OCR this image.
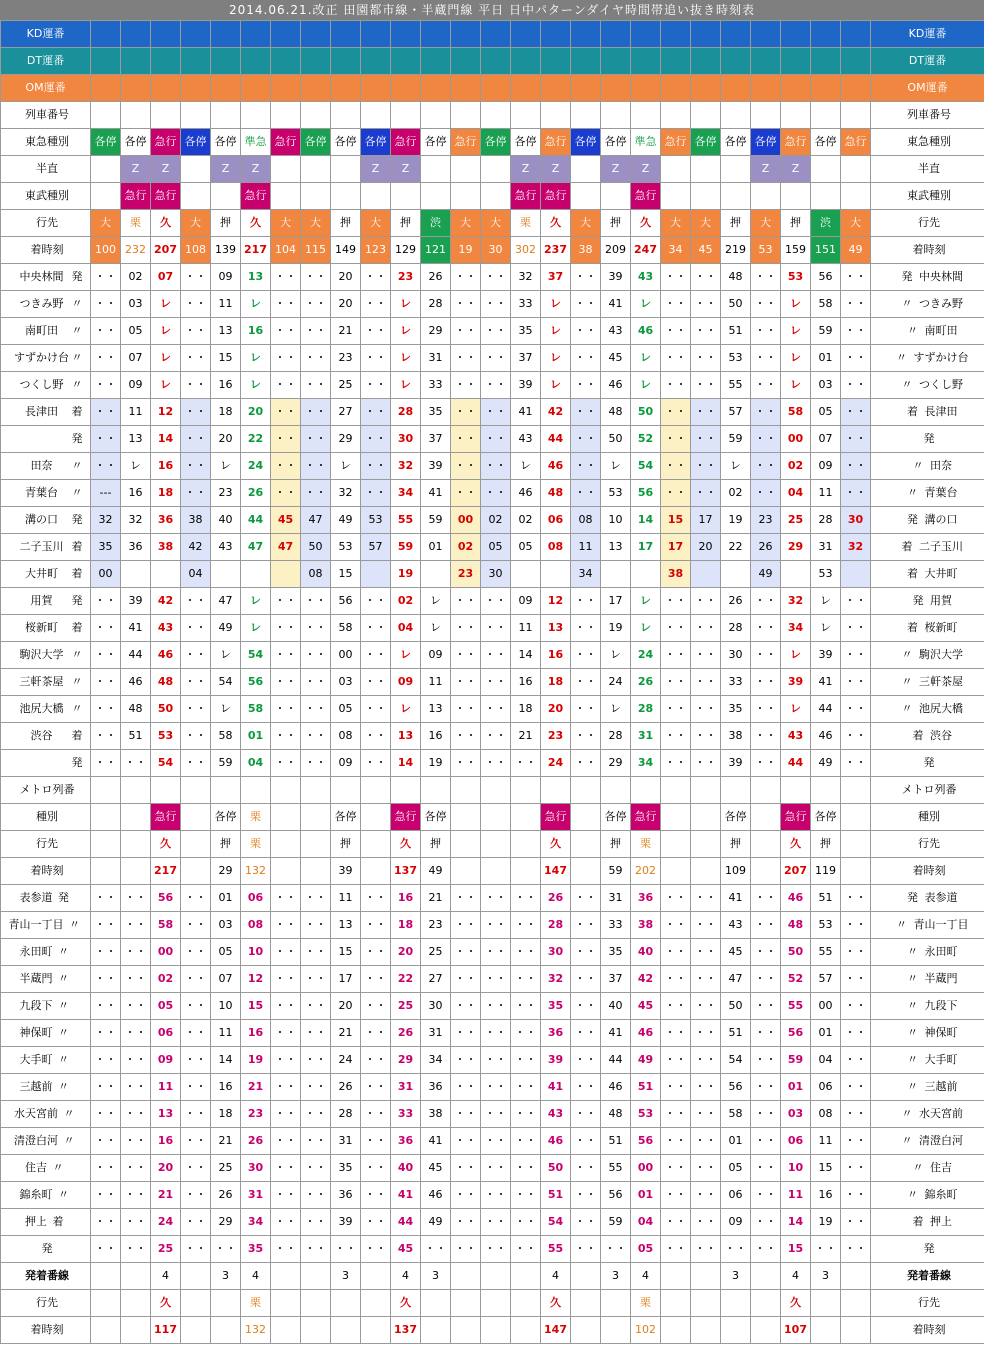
2014.06.21.改正 田園都市線・半蔵門線 平日 日中パターンダイヤ時間帯追い抜き時刻表
KD運番																											KD運番
DT運番																											DT運番
OM運番																											OM運番
列車番号																											列車番号
東急種別	各停	各停	急行	各停	各停	準急	急行	各停	各停	各停	急行	各停	急行	各停	各停	急行	各停	各停	準急	急行	各停	各停	各停	急行	各停	急行	東急種別
半直		Z	Z		Z	Z				Z	Z				Z	Z		Z	Z				Z	Z			半直
東武種別		急行	急行			急行									急行	急行			急行								東武種別
行先	大	栗	久	大	押	久	大	大	押	大	押	渋	大	大	栗	久	大	押	久	大	大	押	大	押	渋	大	行先
着時刻	100	232	207	108	139	217	104	115	149	123	129	121	19	30	302	237	38	209	247	34	45	219	53	159	151	49	着時刻
中央林間 発	・・	02	07	・・	09	13	・・	・・	20	・・	23	26	・・	・・	32	37	・・	39	43	・・	・・	48	・・	53	56	・・	発 中央林間
つきみ野 〃	・・	03	レ	・・	11	レ	・・	・・	20	・・	レ	28	・・	・・	33	レ	・・	41	レ	・・	・・	50	・・	レ	58	・・	〃 つきみ野
南町田 〃	・・	05	レ	・・	13	16	・・	・・	21	・・	レ	29	・・	・・	35	レ	・・	43	46	・・	・・	51	・・	レ	59	・・	〃 南町田
すずかけ台 〃	・・	07	レ	・・	15	レ	・・	・・	23	・・	レ	31	・・	・・	37	レ	・・	45	レ	・・	・・	53	・・	レ	01	・・	〃 すずかけ台
つくし野 〃	・・	09	レ	・・	16	レ	・・	・・	25	・・	レ	33	・・	・・	39	レ	・・	46	レ	・・	・・	55	・・	レ	03	・・	〃 つくし野
長津田 着	・・	11	12	・・	18	20	・・	・・	27	・・	28	35	・・	・・	41	42	・・	48	50	・・	・・	57	・・	58	05	・・	着 長津田
発	・・	13	14	・・	20	22	・・	・・	29	・・	30	37	・・	・・	43	44	・・	50	52	・・	・・	59	・・	00	07	・・	発
田奈 〃	・・	レ	16	・・	レ	24	・・	・・	レ	・・	32	39	・・	・・	レ	46	・・	レ	54	・・	・・	レ	・・	02	09	・・	〃 田奈
青葉台 〃	---	16	18	・・	23	26	・・	・・	32	・・	34	41	・・	・・	46	48	・・	53	56	・・	・・	02	・・	04	11	・・	〃 青葉台
溝の口 発	32	32	36	38	40	44	45	47	49	53	55	59	00	02	02	06	08	10	14	15	17	19	23	25	28	30	発 溝の口
二子玉川 着	35	36	38	42	43	47	47	50	53	57	59	01	02	05	05	08	11	13	17	17	20	22	26	29	31	32	着 二子玉川
大井町 着	00			04				08	15		19		23	30			34			38			49		53		着 大井町
用賀 発	・・	39	42	・・	47	レ	・・	・・	56	・・	02	レ	・・	・・	09	12	・・	17	レ	・・	・・	26	・・	32	レ	・・	発 用賀
桜新町 着	・・	41	43	・・	49	レ	・・	・・	58	・・	04	レ	・・	・・	11	13	・・	19	レ	・・	・・	28	・・	34	レ	・・	着 桜新町
駒沢大学 〃	・・	44	46	・・	レ	54	・・	・・	00	・・	レ	09	・・	・・	14	16	・・	レ	24	・・	・・	30	・・	レ	39	・・	〃 駒沢大学
三軒茶屋 〃	・・	46	48	・・	54	56	・・	・・	03	・・	09	11	・・	・・	16	18	・・	24	26	・・	・・	33	・・	39	41	・・	〃 三軒茶屋
池尻大橋 〃	・・	48	50	・・	レ	58	・・	・・	05	・・	レ	13	・・	・・	18	20	・・	レ	28	・・	・・	35	・・	レ	44	・・	〃 池尻大橋
渋谷 着	・・	51	53	・・	58	01	・・	・・	08	・・	13	16	・・	・・	21	23	・・	28	31	・・	・・	38	・・	43	46	・・	着 渋谷
発	・・	・・	54	・・	59	04	・・	・・	09	・・	14	19	・・	・・	・・	24	・・	29	34	・・	・・	39	・・	44	49	・・	発
メトロ列番																											メトロ列番
種別			急行		各停	栗			各停		急行	各停				急行		各停	急行			各停		急行	各停		種別
行先			久		押	栗			押		久	押				久		押	栗			押		久	押		行先
着時刻			217		29	132			39		137	49				147		59	202			109		207	119		着時刻
表参道 発	・・	・・	56	・・	01	06	・・	・・	11	・・	16	21	・・	・・	・・	26	・・	31	36	・・	・・	41	・・	46	51	・・	発 表参道
青山一丁目 〃	・・	・・	58	・・	03	08	・・	・・	13	・・	18	23	・・	・・	・・	28	・・	33	38	・・	・・	43	・・	48	53	・・	〃 青山一丁目
永田町 〃	・・	・・	00	・・	05	10	・・	・・	15	・・	20	25	・・	・・	・・	30	・・	35	40	・・	・・	45	・・	50	55	・・	〃 永田町
半蔵門 〃	・・	・・	02	・・	07	12	・・	・・	17	・・	22	27	・・	・・	・・	32	・・	37	42	・・	・・	47	・・	52	57	・・	〃 半蔵門
九段下 〃	・・	・・	05	・・	10	15	・・	・・	20	・・	25	30	・・	・・	・・	35	・・	40	45	・・	・・	50	・・	55	00	・・	〃 九段下
神保町 〃	・・	・・	06	・・	11	16	・・	・・	21	・・	26	31	・・	・・	・・	36	・・	41	46	・・	・・	51	・・	56	01	・・	〃 神保町
大手町 〃	・・	・・	09	・・	14	19	・・	・・	24	・・	29	34	・・	・・	・・	39	・・	44	49	・・	・・	54	・・	59	04	・・	〃 大手町
三越前 〃	・・	・・	11	・・	16	21	・・	・・	26	・・	31	36	・・	・・	・・	41	・・	46	51	・・	・・	56	・・	01	06	・・	〃 三越前
水天宮前 〃	・・	・・	13	・・	18	23	・・	・・	28	・・	33	38	・・	・・	・・	43	・・	48	53	・・	・・	58	・・	03	08	・・	〃 水天宮前
清澄白河 〃	・・	・・	16	・・	21	26	・・	・・	31	・・	36	41	・・	・・	・・	46	・・	51	56	・・	・・	01	・・	06	11	・・	〃 清澄白河
住吉 〃	・・	・・	20	・・	25	30	・・	・・	35	・・	40	45	・・	・・	・・	50	・・	55	00	・・	・・	05	・・	10	15	・・	〃 住吉
錦糸町 〃	・・	・・	21	・・	26	31	・・	・・	36	・・	41	46	・・	・・	・・	51	・・	56	01	・・	・・	06	・・	11	16	・・	〃 錦糸町
押上 着	・・	・・	24	・・	29	34	・・	・・	39	・・	44	49	・・	・・	・・	54	・・	59	04	・・	・・	09	・・	14	19	・・	着 押上
発	・・	・・	25	・・	・・	35	・・	・・	・・	・・	45	・・	・・	・・	・・	55	・・	・・	05	・・	・・	・・	・・	15	・・	・・	発
発着番線			4		3	4			3		4	3				4		3	4			3		4	3		発着番線
行先			久			栗					久					久			栗					久			行先
着時刻			117			132					137					147			102					107			着時刻
